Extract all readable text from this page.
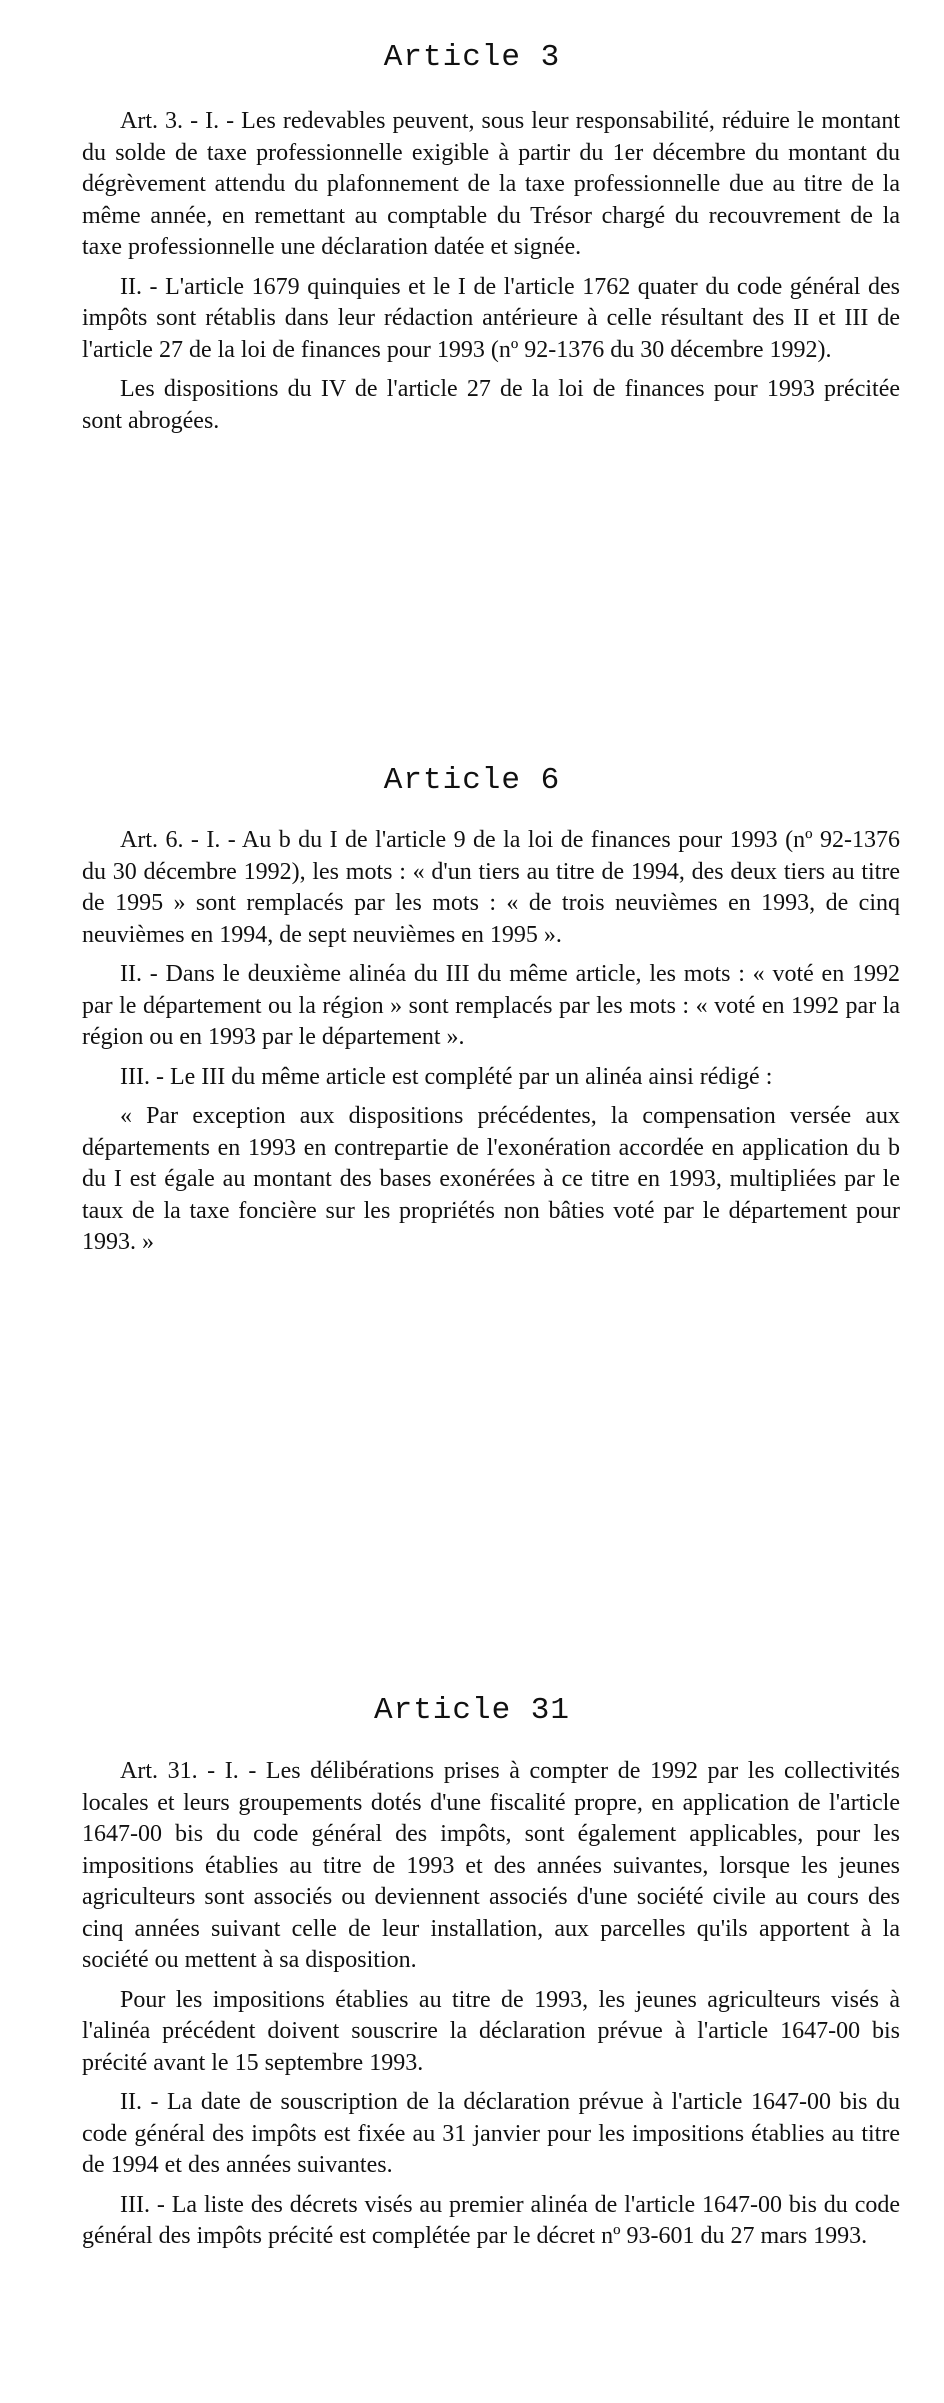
Article 3

Art. 3. - I. - Les redevables peuvent, sous leur responsabilité, réduire le montant du solde de taxe professionnelle exigible à partir du 1er décembre du montant du dégrèvement attendu du plafonnement de la taxe professionnelle due au titre de la même année, en remettant au comptable du Trésor chargé du recouvrement de la taxe professionnelle une déclaration datée et signée.

II. - L'article 1679 quinquies et le I de l'article 1762 quater du code général des impôts sont rétablis dans leur rédaction antérieure à celle résultant des II et III de l'article 27 de la loi de finances pour 1993 (nº 92-1376 du 30 décembre 1992).

Les dispositions du IV de l'article 27 de la loi de finances pour 1993 précitée sont abrogées.

Article 6

Art. 6. - I. - Au b du I de l'article 9 de la loi de finances pour 1993 (nº 92-1376 du 30 décembre 1992), les mots : « d'un tiers au titre de 1994, des deux tiers au titre de 1995 » sont remplacés par les mots : « de trois neuvièmes en 1993, de cinq neuvièmes en 1994, de sept neuvièmes en 1995 ».

II. - Dans le deuxième alinéa du III du même article, les mots : « voté en 1992 par le département ou la région » sont remplacés par les mots : « voté en 1992 par la région ou en 1993 par le département ».

III. - Le III du même article est complété par un alinéa ainsi rédigé :

« Par exception aux dispositions précédentes, la compensation versée aux départements en 1993 en contrepartie de l'exonération accordée en application du b du I est égale au montant des bases exonérées à ce titre en 1993, multipliées par le taux de la taxe foncière sur les propriétés non bâties voté par le département pour 1993. »

Article 31

Art. 31. - I. - Les délibérations prises à compter de 1992 par les collectivités locales et leurs groupements dotés d'une fiscalité propre, en application de l'article 1647-00 bis du code général des impôts, sont également applicables, pour les impositions établies au titre de 1993 et des années suivantes, lorsque les jeunes agriculteurs sont associés ou deviennent associés d'une société civile au cours des cinq années suivant celle de leur installation, aux parcelles qu'ils apportent à la société ou mettent à sa disposition.

Pour les impositions établies au titre de 1993, les jeunes agriculteurs visés à l'alinéa précédent doivent souscrire la déclaration prévue à l'article 1647-00 bis précité avant le 15 septembre 1993.

II. - La date de souscription de la déclaration prévue à l'article 1647-00 bis du code général des impôts est fixée au 31 janvier pour les impositions établies au titre de 1994 et des années suivantes.

III. - La liste des décrets visés au premier alinéa de l'article 1647-00 bis du code général des impôts précité est complétée par le décret nº 93-601 du 27 mars 1993.
